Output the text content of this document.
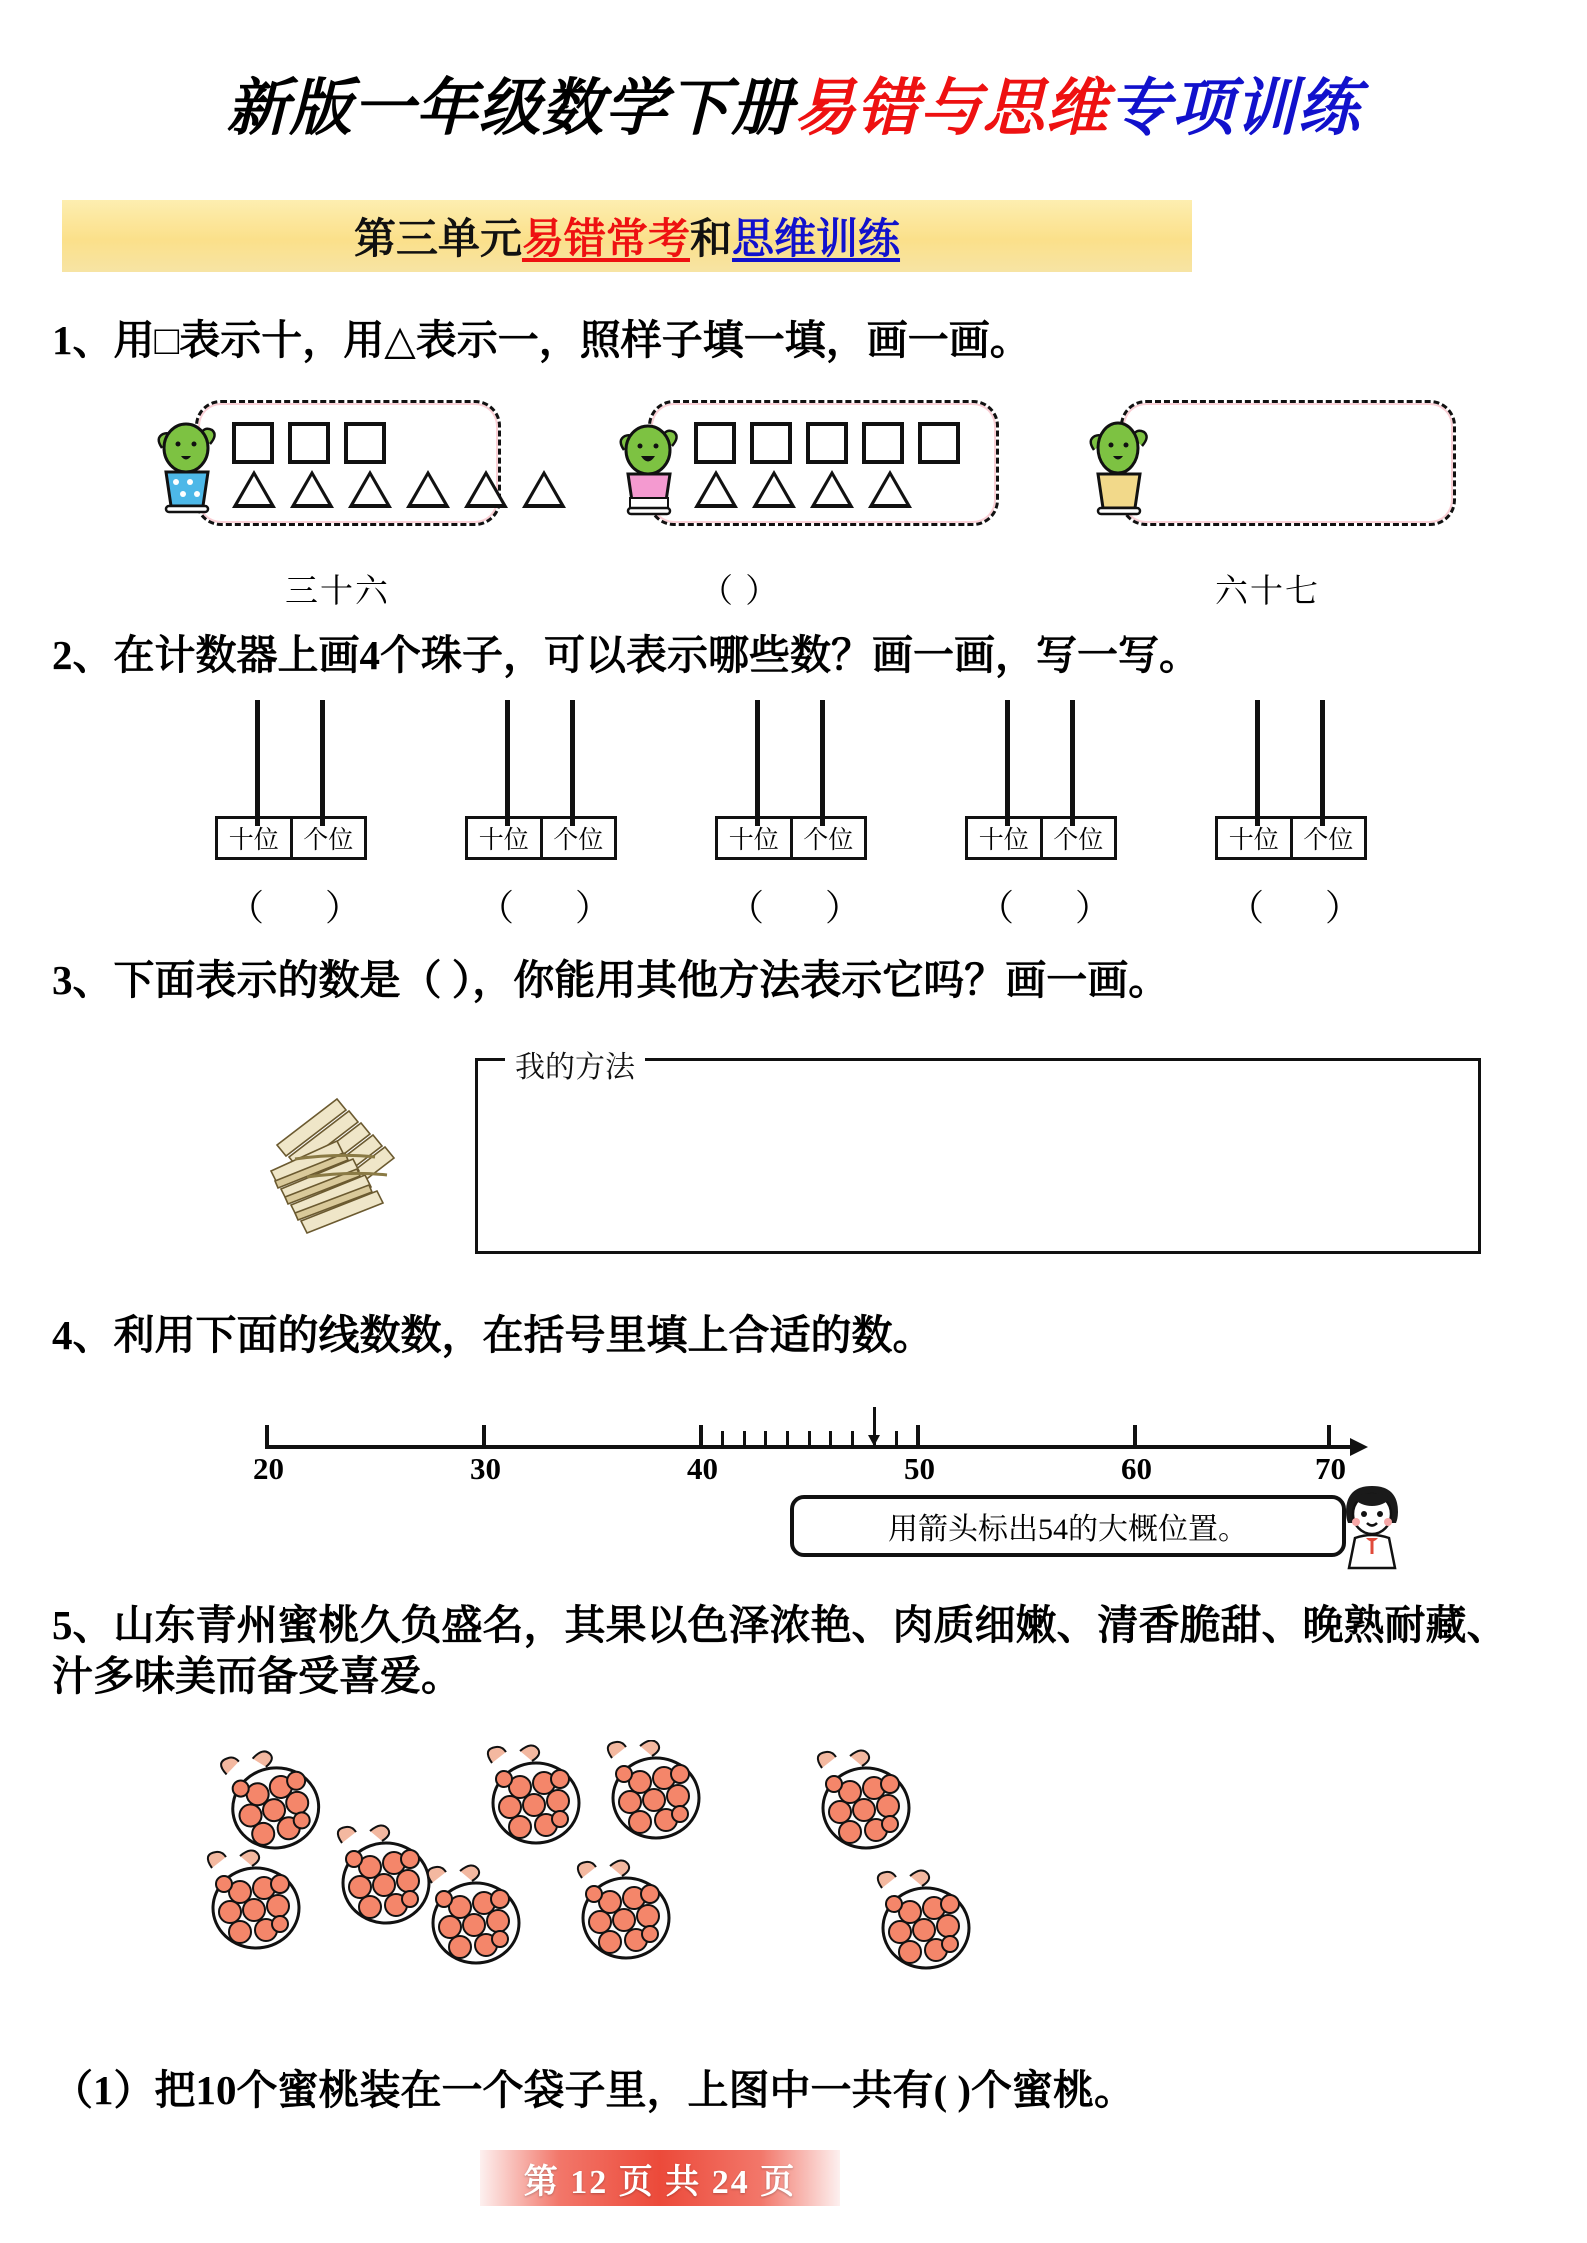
新版一年级数学下册易错与思维专项训练
第三单元 易错常考 和 思维训练
1、用□表示十，用△表示一，照样子填一填，画一画。
三十六	（ ）	六十七
2、在计数器上画4个珠子，可以表示哪些数？画一画，写一写。
十位 个位
（ ）
十位 个位
（ ）
十位 个位
（ ）
十位 个位
（ ）
十位 个位
（ ）
3、下面表示的数是（ ），你能用其他方法表示它吗？画一画。
我的方法
4、利用下面的线数数，在括号里填上合适的数。
20	30	40	50	60	70
用箭头标出54的大概位置。
5、山东青州蜜桃久负盛名，其果以色泽浓艳、肉质细嫩、清香脆甜、晚熟耐藏、汁多味美而备受喜爱。
（1）把10个蜜桃装在一个袋子里，上图中一共有( )个蜜桃。
第 12 页 共 24 页
